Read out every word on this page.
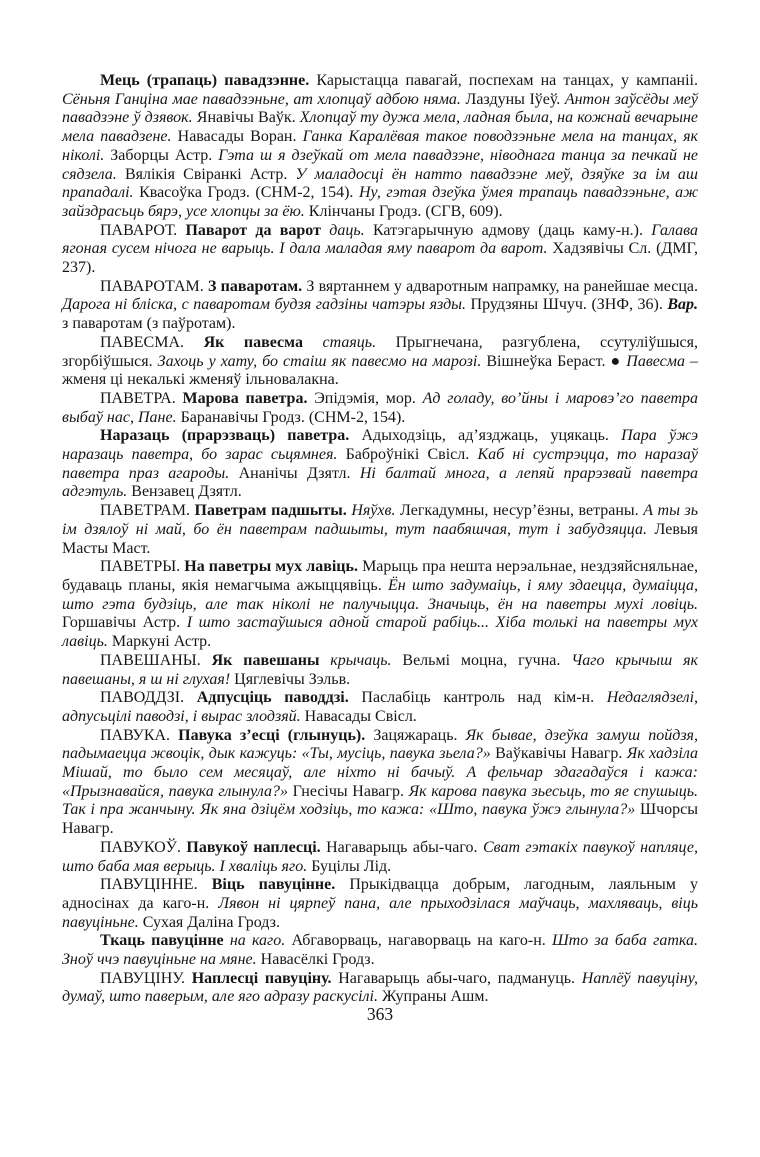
Мець (трапаць) павадзэнне. Карыстацца павагай, поспехам на танцах, у кампаніі. Сёньня Ганціна мае павадзэньне, ат хлопцаў адбою няма. Лаздуны Іўеў. Антон заўсёды меў павадзэне ў дзявок. Янавічы Ваўк. Хлопцаў ту дужа мела, ладная была, на кожнай вечарыне мела павадзене. Навасады Воран. Ганка Каралёвая такое поводзэньне мела на танцах, як ніколі. Заборцы Астр. Гэта ш я дзеўкай от мела павадзэне, ніводнага танца за печкай не сядзела. Вялікія Свіранкі Астр. У маладосці ён натто павадзэне меў, дзяўке за ім аш прападалі. Квасоўка Гродз. (СНМ-2, 154). Ну, гэтая дзеўка ўмея трапаць павадзэньне, аж зайздрасьць бярэ, усе хлопцы за ёю. Клінчаны Гродз. (СГВ, 609).

ПАВАРОТ. Паварот да варот даць. Катэгарычную адмову (даць каму-н.). Галава ягоная сусем нічога не варыць. І дала маладая яму паварот да варот. Хадзявічы Сл. (ДМГ, 237).

ПАВАРОТАМ. З паваротам. З вяртаннем у адваротным напрамку, на ранейшае месца. Дарога ні бліска, с паваротам будзя гадзіны чатэры язды. Прудзяны Шчуч. (ЗНФ, 36). Вар. з паваротам (з паўротам).

ПАВЕСМА. Як павесма стаяць. Прыгнечана, разгублена, ссутуліўшыся, згорбіўшыся. Захоць у хату, бо стаіш як павесмо на марозі. Вішнеўка Бераст. ● Павесма – жменя ці некалькі жменяў ільновалакна.

ПАВЕТРА. Марова паветра. Эпідэмія, мор. Ад голаду, во’йны і маровэ’го паветра выбаў нас, Пане. Баранавічы Гродз. (СНМ-2, 154).

Наразаць (прарэзваць) паветра. Адыходзіць, ад’язджаць, уцякаць. Пара ўжэ наразаць паветра, бо зарас сьцямнея. Баброўнікі Свісл. Каб ні сустрэцца, то наразаў паветра праз агароды. Ананічы Дзятл. Ні балтай многа, а лепяй прарэзвай паветра адгэтуль. Вензавец Дзятл.

ПАВЕТРАМ. Паветрам падшыты. Няўхв. Легкадумны, несур’ёзны, ветраны. А ты зь ім дзялоў ні май, бо ён паветрам падшыты, тут паабяшчая, тут і забудзяцца. Левыя Масты Маст.

ПАВЕТРЫ. На паветры мух лавіць. Марыць пра нешта нерэальнае, нездзяйсняльнае, будаваць планы, якія немагчыма ажыццявіць. Ён што задумаіць, і яму здаецца, думаіцца, што гэта будзіць, але так ніколі не палучыцца. Значыць, ён на паветры мухі ловіць. Горшавічы Астр. І што застаўшыся адной старой рабіць... Хіба толькі на паветры мух лавіць. Маркуні Астр.

ПАВЕШАНЫ. Як павешаны крычаць. Вельмі моцна, гучна. Чаго крычыш як павешаны, я ш ні глухая! Цяглевічы Зэльв.

ПАВОДДЗІ. Адпусціць паводдзі. Паслабіць кантроль над кім-н. Недаглядзелі, адпусьцілі паводзі, і вырас злодзяй. Навасады Свісл.

ПАВУКА. Павука з’есці (глынуць). Зацяжараць. Як бывае, дзеўка замуш пойдзя, падымаецца жвоцік, дык кажуць: «Ты, мусіць, павука зьела?» Ваўкавічы Навагр. Як хадзіла Мішай, то было сем месяцаў, але ніхто ні бачыў. А фельчар здагадаўся і кажа: «Прызнавайся, павука глынула?» Гнесічы Навагр. Як карова павука зьесьць, то яе спушыць. Так і пра жанчыну. Як яна дзіцём ходзіць, то кажа: «Што, павука ўжэ глынула?» Шчорсы Навагр.

ПАВУКОЎ. Павукоў наплесці. Нагаварыць абы-чаго. Сват гэтакіх павукоў напляце, што баба мая верыць. І хваліць яго. Буцілы Лід.

ПАВУЦІННЕ. Віць павуцінне. Прыкідвацца добрым, лагодным, лаяльным у адносінах да каго-н. Лявон ні цярпеў пана, але прыходзілася маўчаць, махляваць, віць павуціньне. Сухая Даліна Гродз.

Ткаць павуцінне на каго. Абгаворваць, нагаворваць на каго-н. Што за баба гатка. Зноў ччэ павуціньне на мяне. Навасёлкі Гродз.

ПАВУЦІНУ. Наплесці павуціну. Нагаварыць абы-чаго, падмануць. Наплёў павуціну, думаў, што паверым, але яго адразу раскусілі. Жупраны Ашм.

363
